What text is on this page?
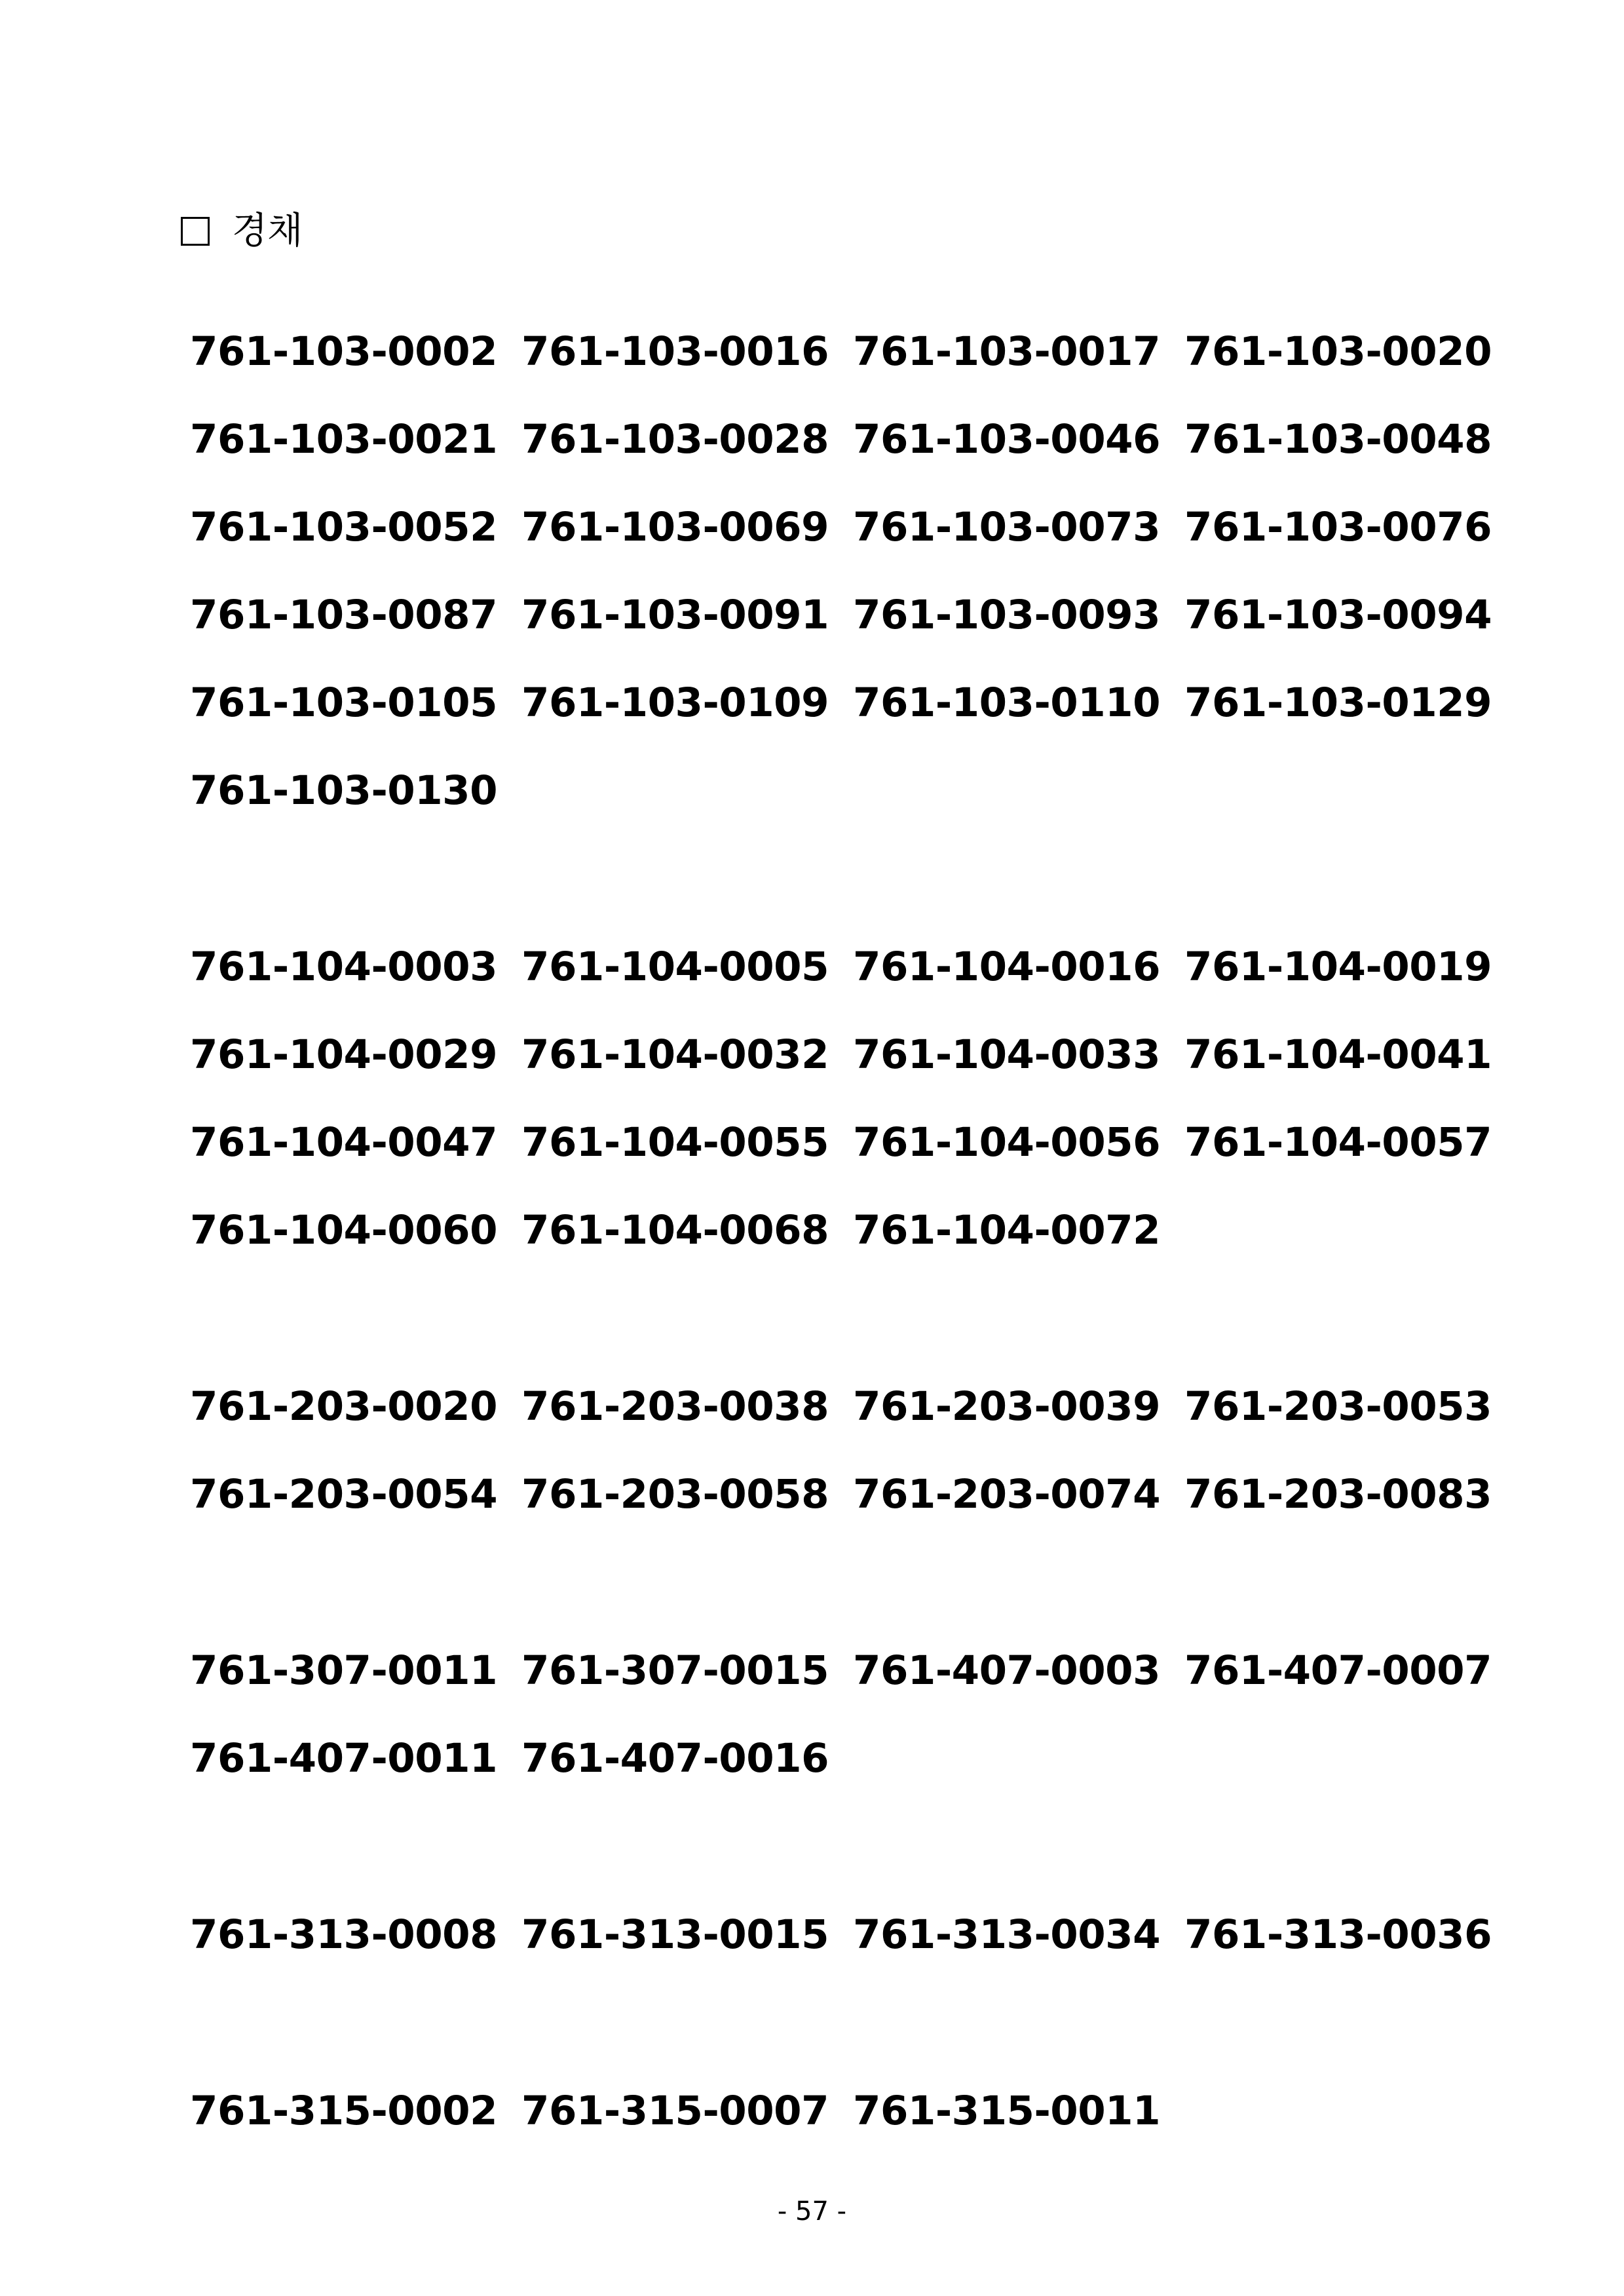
경채
761-103-0002 761-103-0016 761-103-0017 761-103-0020
761-103-0021 761-103-0028 761-103-0046 761-103-0048
761-103-0052 761-103-0069 761-103-0073 761-103-0076
761-103-0087 761-103-0091 761-103-0093 761-103-0094
761-103-0105 761-103-0109 761-103-0110 761-103-0129
761-103-0130
761-104-0003 761-104-0005 761-104-0016 761-104-0019
761-104-0029 761-104-0032 761-104-0033 761-104-0041
761-104-0047 761-104-0055 761-104-0056 761-104-0057
761-104-0060 761-104-0068 761-104-0072
761-203-0020 761-203-0038 761-203-0039 761-203-0053
761-203-0054 761-203-0058 761-203-0074 761-203-0083
761-307-0011 761-307-0015 761-407-0003 761-407-0007
761-407-0011 761-407-0016
761-313-0008 761-313-0015 761-313-0034 761-313-0036
761-315-0002 761-315-0007 761-315-0011
- 57 -
